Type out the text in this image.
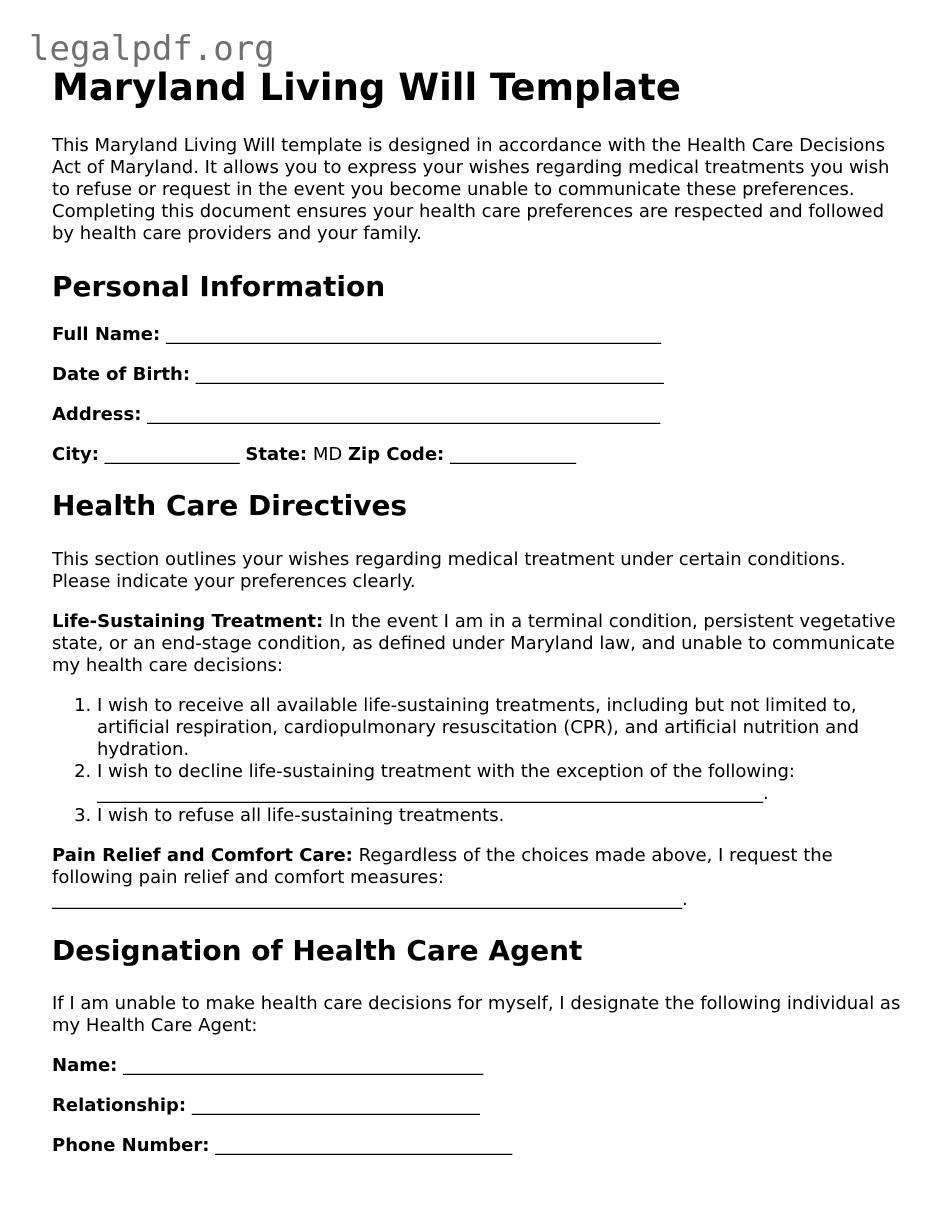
legalpdf.org
Maryland Living Will Template

This Maryland Living Will template is designed in accordance with the Health Care Decisions Act of Maryland. It allows you to express your wishes regarding medical treatments you wish to refuse or request in the event you become unable to communicate these preferences. Completing this document ensures your health care preferences are respected and followed by health care providers and your family.

Personal Information

Full Name: _______________________________________________________

Date of Birth: ____________________________________________________

Address: _________________________________________________________

City: _______________ State: MD Zip Code: ______________

Health Care Directives

This section outlines your wishes regarding medical treatment under certain conditions. Please indicate your preferences clearly.

Life-Sustaining Treatment: In the event I am in a terminal condition, persistent vegetative state, or an end-stage condition, as defined under Maryland law, and unable to communicate my health care decisions:

1. I wish to receive all available life-sustaining treatments, including but not limited to, artificial respiration, cardiopulmonary resuscitation (CPR), and artificial nutrition and hydration.
2. I wish to decline life-sustaining treatment with the exception of the following: __________________________________________________________________________.
3. I wish to refuse all life-sustaining treatments.

Pain Relief and Comfort Care: Regardless of the choices made above, I request the following pain relief and comfort measures: ______________________________________________________________________.

Designation of Health Care Agent

If I am unable to make health care decisions for myself, I designate the following individual as my Health Care Agent:

Name: ________________________________________

Relationship: ________________________________

Phone Number: _________________________________
